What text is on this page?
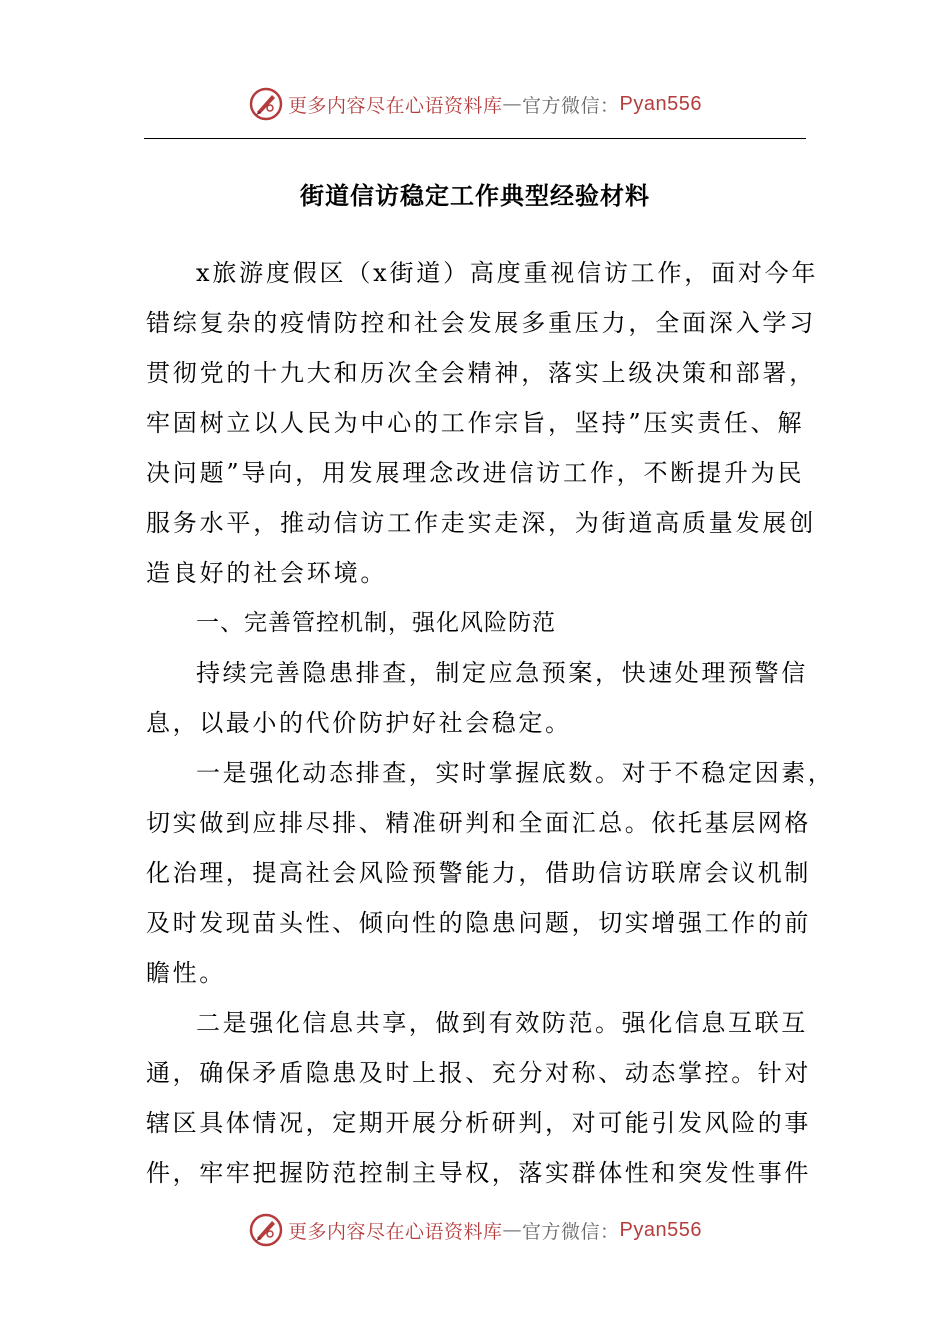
更多内容尽在心语资料库 — 官方微信： Pyan556
街道信访稳定工作典型经验材料

x旅游度假区（x街道）高度重视信访工作，面对今年
错综复杂的疫情防控和社会发展多重压力，全面深入学习
贯彻党的十九大和历次全会精神，落实上级决策和部署，
牢固树立以人民为中心的工作宗旨，坚持”压实责任、解
决问题”导向，用发展理念改进信访工作，不断提升为民
服务水平，推动信访工作走实走深，为街道高质量发展创
造良好的社会环境。

一、完善管控机制，强化风险防范

持续完善隐患排查，制定应急预案，快速处理预警信
息，以最小的代价防护好社会稳定。

一是强化动态排查，实时掌握底数。对于不稳定因素，
切实做到应排尽排、精准研判和全面汇总。依托基层网格
化治理，提高社会风险预警能力，借助信访联席会议机制
及时发现苗头性、倾向性的隐患问题，切实增强工作的前
瞻性。

二是强化信息共享，做到有效防范。强化信息互联互
通，确保矛盾隐患及时上报、充分对称、动态掌控。针对
辖区具体情况，定期开展分析研判，对可能引发风险的事
件，牢牢把握防范控制主导权，落实群体性和突发性事件

更多内容尽在心语资料库 — 官方微信： Pyan556
